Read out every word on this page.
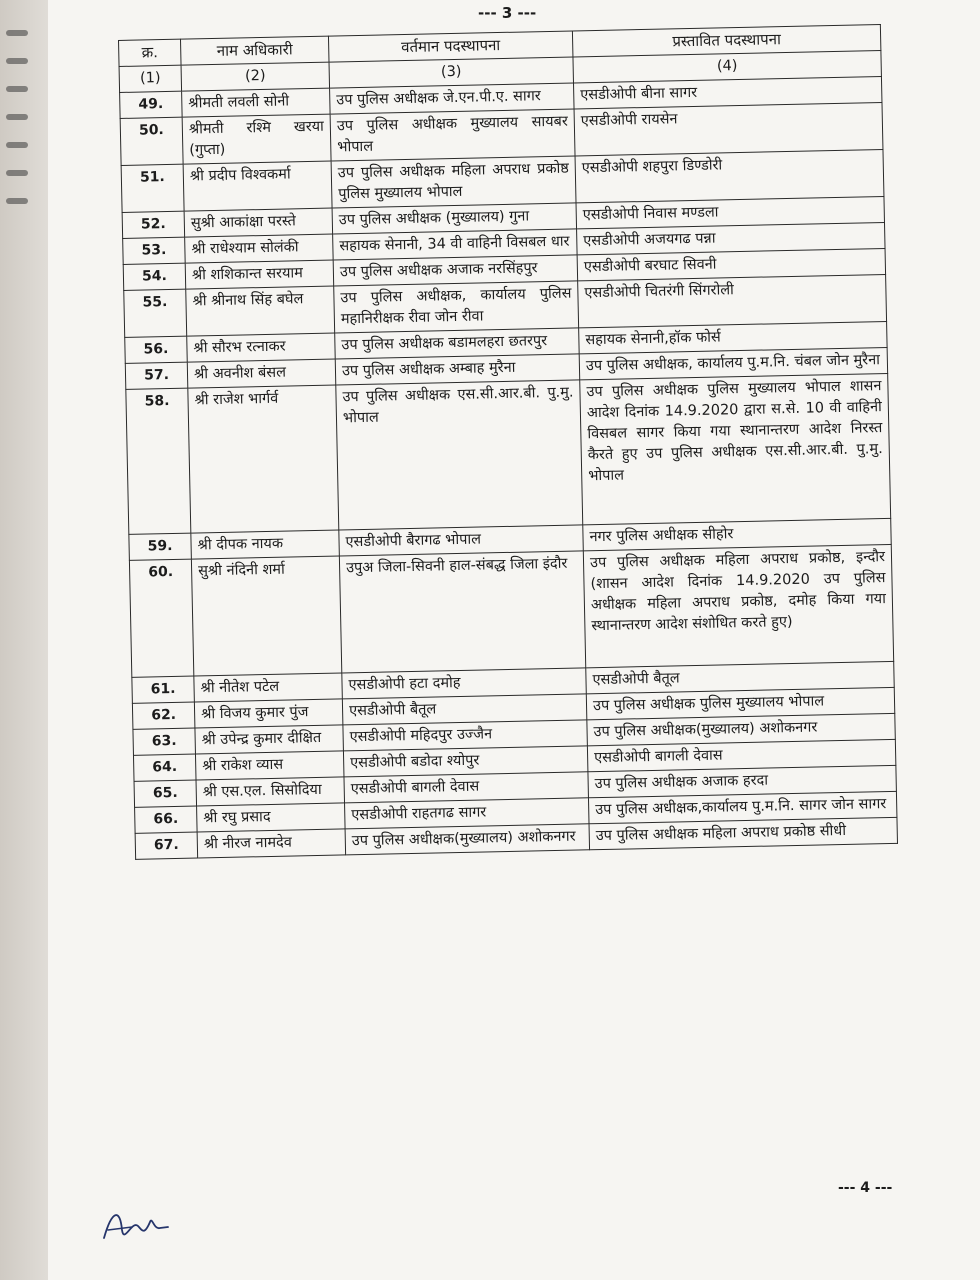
--- 3 ---
--- 4 ---
क्र.	नाम अधिकारी	वर्तमान पदस्थापना	प्रस्तावित पदस्थापना
(1)	(2)	(3)	(4)
49.	श्रीमती लवली सोनी	उप पुलिस अधीक्षक जे.एन.पी.ए. सागर	एसडीओपी बीना सागर
50.	श्रीमती रश्मि खरया (गुप्ता)	उप पुलिस अधीक्षक मुख्यालय सायबर भोपाल	एसडीओपी रायसेन
51.	श्री प्रदीप विश्वकर्मा	उप पुलिस अधीक्षक महिला अपराध प्रकोष्ठ पुलिस मुख्यालय भोपाल	एसडीओपी शहपुरा डिण्डोरी
52.	सुश्री आकांक्षा परस्ते	उप पुलिस अधीक्षक (मुख्यालय) गुना	एसडीओपी निवास मण्डला
53.	श्री राधेश्याम सोलंकी	सहायक सेनानी, 34 वी वाहिनी विसबल धार	एसडीओपी अजयगढ पन्ना
54.	श्री शशिकान्त सरयाम	उप पुलिस अधीक्षक अजाक नरसिंहपुर	एसडीओपी बरघाट सिवनी
55.	श्री श्रीनाथ सिंह बघेल	उप पुलिस अधीक्षक, कार्यालय पुलिस महानिरीक्षक रीवा जोन रीवा	एसडीओपी चितरंगी सिंगरोली
56.	श्री सौरभ रत्नाकर	उप पुलिस अधीक्षक बडामलहरा छतरपुर	सहायक सेनानी,हॉक फोर्स
57.	श्री अवनीश बंसल	उप पुलिस अधीक्षक अम्बाह मुरैना	उप पुलिस अधीक्षक, कार्यालय पु.म.नि. चंबल जोन मुरैना
58.	श्री राजेश भार्गर्व	उप पुलिस अधीक्षक एस.सी.आर.बी. पु.मु. भोपाल	उप पुलिस अधीक्षक पुलिस मुख्यालय भोपाल शासन आदेश दिनांक 14.9.2020 द्वारा स.से. 10 वी वाहिनी विसबल सागर किया गया स्थानान्तरण आदेश निरस्त कैरते हुए उप पुलिस अधीक्षक एस.सी.आर.बी. पु.मु. भोपाल
59.	श्री दीपक नायक	एसडीओपी बैरागढ भोपाल	नगर पुलिस अधीक्षक सीहोर
60.	सुश्री नंदिनी शर्मा	उपुअ जिला-सिवनी हाल-संबद्ध जिला इंदौर	उप पुलिस अधीक्षक महिला अपराध प्रकोष्ठ, इन्दौर (शासन आदेश दिनांक 14.9.2020 उप पुलिस अधीक्षक महिला अपराध प्रकोष्ठ, दमोह किया गया स्थानान्तरण आदेश संशोधित करते हुए)
61.	श्री नीतेश पटेल	एसडीओपी हटा दमोह	एसडीओपी बैतूल
62.	श्री विजय कुमार पुंज	एसडीओपी बैतूल	उप पुलिस अधीक्षक पुलिस मुख्यालय भोपाल
63.	श्री उपेन्द्र कुमार दीक्षित	एसडीओपी महिदपुर उज्जैन	उप पुलिस अधीक्षक(मुख्यालय) अशोकनगर
64.	श्री राकेश व्यास	एसडीओपी बडोदा श्योपुर	एसडीओपी बागली देवास
65.	श्री एस.एल. सिसोदिया	एसडीओपी बागली देवास	उप पुलिस अधीक्षक अजाक हरदा
66.	श्री रघु प्रसाद	एसडीओपी राहतगढ सागर	उप पुलिस अधीक्षक,कार्यालय पु.म.नि. सागर जोन सागर
67.	श्री नीरज नामदेव	उप पुलिस अधीक्षक(मुख्यालय) अशोकनगर	उप पुलिस अधीक्षक महिला अपराध प्रकोष्ठ सीधी
